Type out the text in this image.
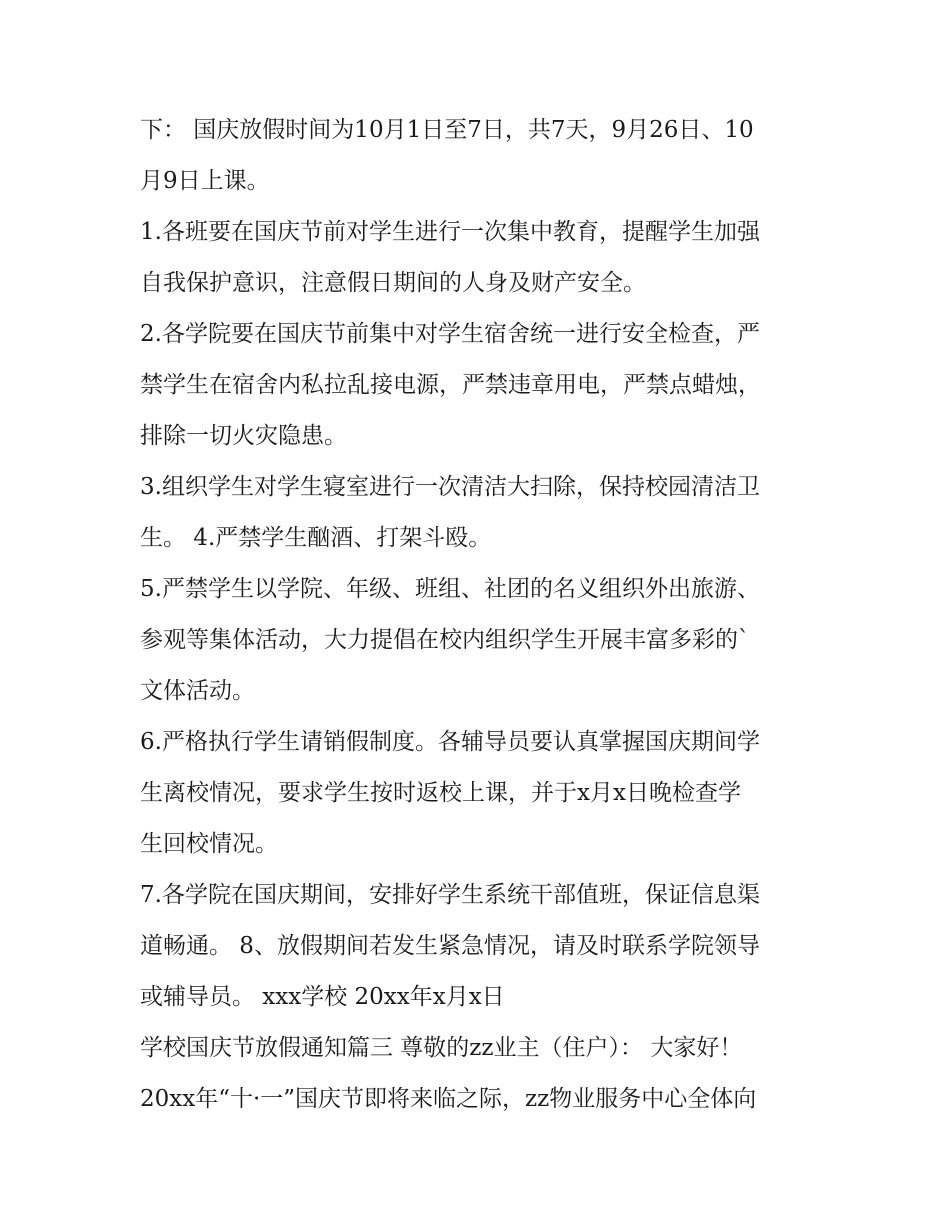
下： 国庆放假时间为10月1日至7日，共7天，9月26日、10
月9日上课。
1.各班要在国庆节前对学生进行一次集中教育，提醒学生加强
自我保护意识，注意假日期间的人身及财产安全。
2.各学院要在国庆节前集中对学生宿舍统一进行安全检查，严
禁学生在宿舍内私拉乱接电源，严禁违章用电，严禁点蜡烛，
排除一切火灾隐患。
3.组织学生对学生寝室进行一次清洁大扫除，保持校园清洁卫
生。 4.严禁学生酗酒、打架斗殴。
5.严禁学生以学院、年级、班组、社团的名义组织外出旅游、
参观等集体活动，大力提倡在校内组织学生开展丰富多彩的`
文体活动。
6.严格执行学生请销假制度。各辅导员要认真掌握国庆期间学
生离校情况，要求学生按时返校上课，并于x月x日晚检查学
生回校情况。
7.各学院在国庆期间，安排好学生系统干部值班，保证信息渠
道畅通。 8、放假期间若发生紧急情况，请及时联系学院领导
或辅导员。 xxx学校 20xx年x月x日
学校国庆节放假通知篇三 尊敬的zz业主（住户）： 大家好！
20xx年“十·一”国庆节即将来临之际，zz物业服务中心全体向
